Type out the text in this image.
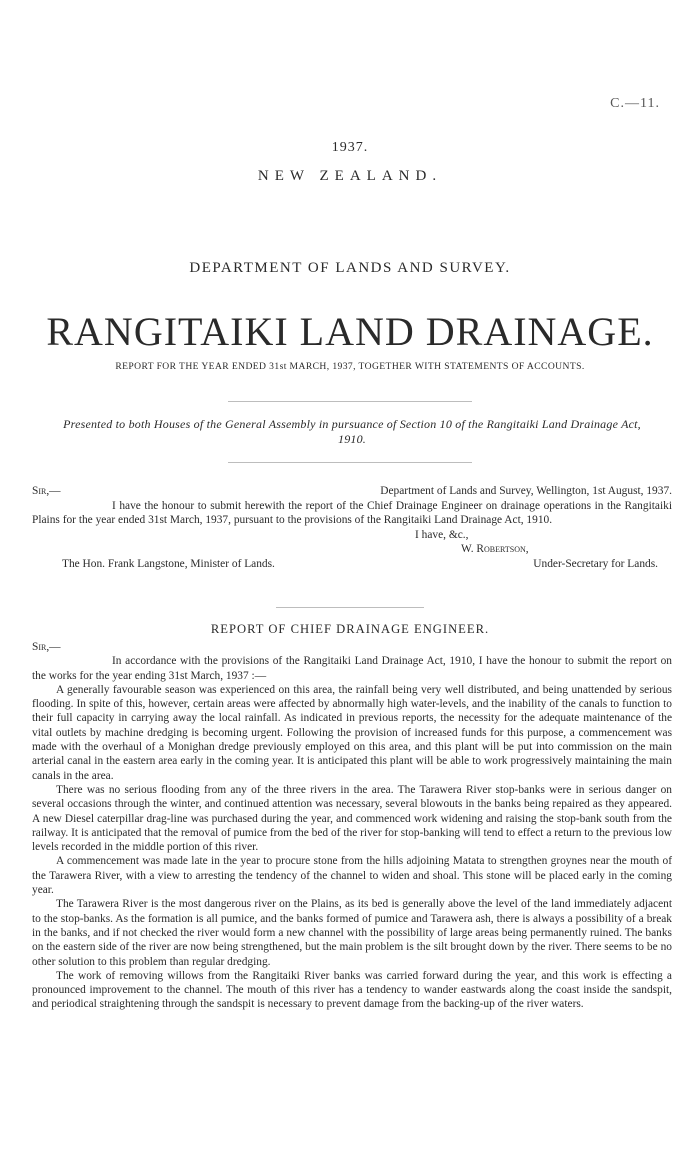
C.—11.
1937.
NEW ZEALAND.
DEPARTMENT OF LANDS AND SURVEY.
RANGITAIKI LAND DRAINAGE.
REPORT FOR THE YEAR ENDED 31st MARCH, 1937, TOGETHER WITH STATEMENTS OF ACCOUNTS.
Presented to both Houses of the General Assembly in pursuance of Section 10 of the Rangitaiki Land Drainage Act, 1910.
Sir,—	Department of Lands and Survey, Wellington, 1st August, 1937.
I have the honour to submit herewith the report of the Chief Drainage Engineer on drainage operations in the Rangitaiki Plains for the year ended 31st March, 1937, pursuant to the provisions of the Rangitaiki Land Drainage Act, 1910.
I have, &c.,
W. Robertson,
The Hon. Frank Langstone, Minister of Lands.	Under-Secretary for Lands.
REPORT OF CHIEF DRAINAGE ENGINEER.
Sir,—

In accordance with the provisions of the Rangitaiki Land Drainage Act, 1910, I have the honour to submit the report on the works for the year ending 31st March, 1937 :—

A generally favourable season was experienced on this area, the rainfall being very well distributed, and being unattended by serious flooding. In spite of this, however, certain areas were affected by abnormally high water-levels, and the inability of the canals to function to their full capacity in carrying away the local rainfall. As indicated in previous reports, the necessity for the adequate maintenance of the vital outlets by machine dredging is becoming urgent. Following the provision of increased funds for this purpose, a commencement was made with the overhaul of a Monighan dredge previously employed on this area, and this plant will be put into commission on the main arterial canal in the eastern area early in the coming year. It is anticipated this plant will be able to work progressively maintaining the main canals in the area.

There was no serious flooding from any of the three rivers in the area. The Tarawera River stop-banks were in serious danger on several occasions through the winter, and continued attention was necessary, several blowouts in the banks being repaired as they appeared. A new Diesel caterpillar drag-line was purchased during the year, and commenced work widening and raising the stop-bank south from the railway. It is anticipated that the removal of pumice from the bed of the river for stop-banking will tend to effect a return to the previous low levels recorded in the middle portion of this river.

A commencement was made late in the year to procure stone from the hills adjoining Matata to strengthen groynes near the mouth of the Tarawera River, with a view to arresting the tendency of the channel to widen and shoal. This stone will be placed early in the coming year.

The Tarawera River is the most dangerous river on the Plains, as its bed is generally above the level of the land immediately adjacent to the stop-banks. As the formation is all pumice, and the banks formed of pumice and Tarawera ash, there is always a possibility of a break in the banks, and if not checked the river would form a new channel with the possibility of large areas being permanently ruined. The banks on the eastern side of the river are now being strengthened, but the main problem is the silt brought down by the river. There seems to be no other solution to this problem than regular dredging.

The work of removing willows from the Rangitaiki River banks was carried forward during the year, and this work is effecting a pronounced improvement to the channel. The mouth of this river has a tendency to wander eastwards along the coast inside the sandspit, and periodical straightening through the sandspit is necessary to prevent damage from the backing-up of the river waters.
